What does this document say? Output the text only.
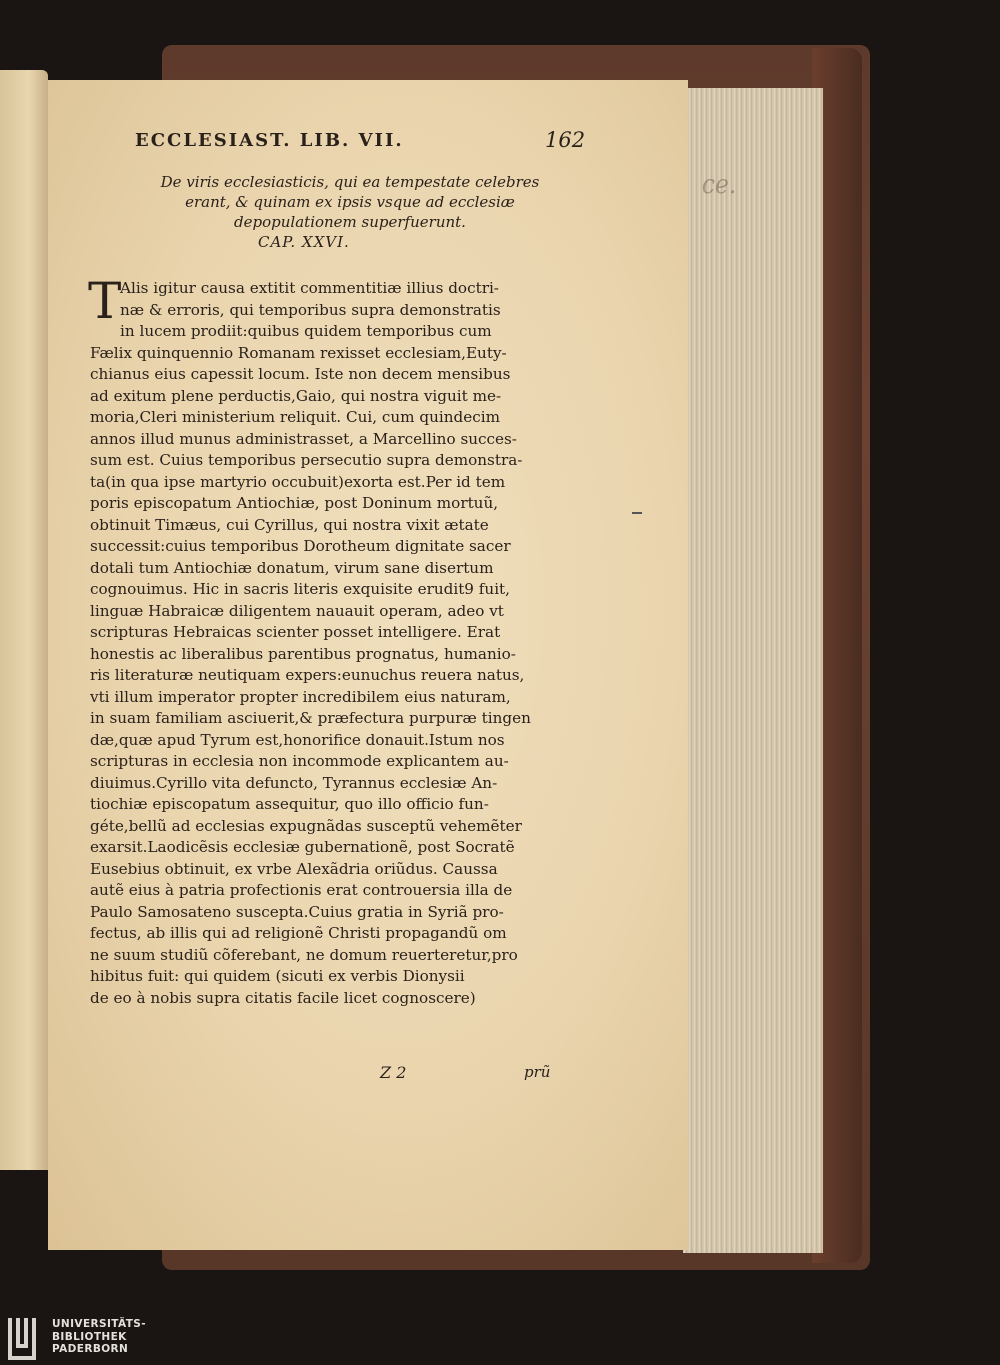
ce.
ECCLESIAST. LIB. VII.	162
De viris ecclesiasticis, qui ea tempestate celebres
erant, & quinam ex ipsis vsque ad ecclesiæ
depopulationem superfuerunt.
CAP. XXVI.
T
Alis igitur causa extitit commentitiæ illius doctri-
næ & erroris, qui temporibus supra demonstratis
in lucem prodiit:quibus quidem temporibus cum
Fælix quinquennio Romanam rexisset ecclesiam,Euty-
chianus eius capessit locum. Iste non decem mensibus
ad exitum plene perductis,Gaio, qui nostra viguit me-
moria,Cleri ministerium reliquit. Cui, cum quindecim
annos illud munus administrasset, a Marcellino succes-
sum est. Cuius temporibus persecutio supra demonstra-
ta(in qua ipse martyrio occubuit)exorta est.Per id tem
poris episcopatum Antiochiæ, post Doninum mortuũ,
obtinuit Timæus, cui Cyrillus, qui nostra vixit ætate
successit:cuius temporibus Dorotheum dignitate sacer
dotali tum Antiochiæ donatum, virum sane disertum
cognouimus. Hic in sacris literis exquisite erudit9 fuit,
linguæ Habraicæ diligentem nauauit operam, adeo vt
scripturas Hebraicas scienter posset intelligere. Erat
honestis ac liberalibus parentibus prognatus, humanio-
ris literaturæ neutiquam expers:eunuchus reuera natus,
vti illum imperator propter incredibilem eius naturam,
in suam familiam asciuerit,& præfectura purpuræ tingen
dæ,quæ apud Tyrum est,honorifice donauit.Istum nos
scripturas in ecclesia non incommode explicantem au-
diuimus.Cyrillo vita defuncto, Tyrannus ecclesiæ An-
tiochiæ episcopatum assequitur, quo illo officio fun-
géte,bellũ ad ecclesias expugnãdas susceptũ vehemẽter
exarsit.Laodicẽsis ecclesiæ gubernationẽ, post Socratẽ
Eusebius obtinuit, ex vrbe Alexãdria oriũdus. Caussa
autẽ eius à patria profectionis erat controuersia illa de
Paulo Samosateno suscepta.Cuius gratia in Syriã pro-
fectus, ab illis qui ad religionẽ Christi propagandũ om
ne suum studiũ cõferebant, ne domum reuerteretur,pro
hibitus fuit: qui quidem (sicuti ex verbis Dionysii
de eo à nobis supra citatis facile licet cognoscere)
Z 2	prũ
UNIVERSITÄTS-
BIBLIOTHEK
PADERBORN
